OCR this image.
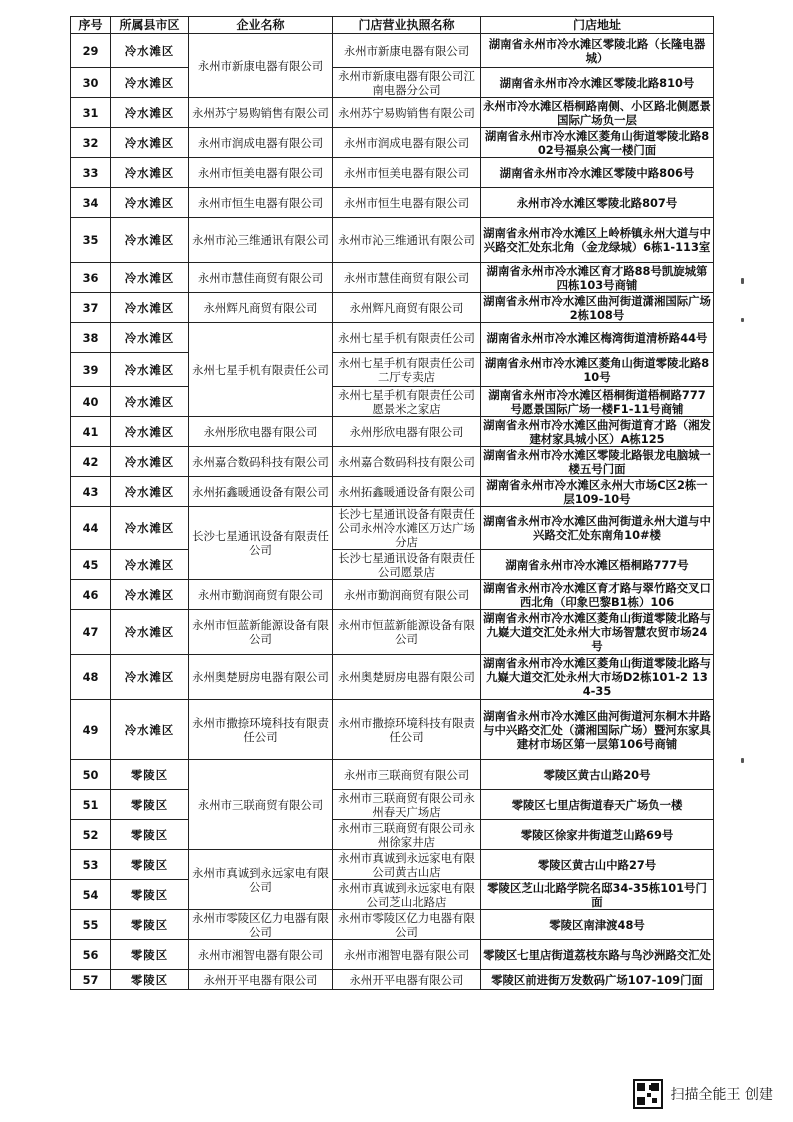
序号	所属县市区	企业名称	门店营业执照名称	门店地址
29	冷水滩区	永州市新康电器有限公司	永州市新康电器有限公司	湖南省永州市冷水滩区零陵北路（长隆电器城）
30	冷水滩区		永州市新康电器有限公司江南电器分公司	湖南省永州市冷水滩区零陵北路810号
31	冷水滩区	永州苏宁易购销售有限公司	永州苏宁易购销售有限公司	永州市冷水滩区梧桐路南侧、小区路北侧愿景国际广场负一层
32	冷水滩区	永州市润成电器有限公司	永州市润成电器有限公司	湖南省永州市冷水滩区菱角山街道零陵北路802号福泉公寓一楼门面
33	冷水滩区	永州市恒美电器有限公司	永州市恒美电器有限公司	湖南省永州市冷水滩区零陵中路806号
34	冷水滩区	永州市恒生电器有限公司	永州市恒生电器有限公司	永州市冷水滩区零陵北路807号
35	冷水滩区	永州市沁三维通讯有限公司	永州市沁三维通讯有限公司	湖南省永州市冷水滩区上岭桥镇永州大道与中兴路交汇处东北角（金龙绿城）6栋1-113室
36	冷水滩区	永州市慧佳商贸有限公司	永州市慧佳商贸有限公司	湖南省永州市冷水滩区育才路88号凯旋城第四栋103号商铺
37	冷水滩区	永州辉凡商贸有限公司	永州辉凡商贸有限公司	湖南省永州市冷水滩区曲河街道潇湘国际广场2栋108号
38	冷水滩区	永州七星手机有限责任公司	永州七星手机有限责任公司	湖南省永州市冷水滩区梅湾街道清桥路44号
39	冷水滩区		永州七星手机有限责任公司二厅专卖店	湖南省永州市冷水滩区菱角山街道零陵北路810号
40	冷水滩区		永州七星手机有限责任公司愿景米之家店	湖南省永州市冷水滩区梧桐街道梧桐路777号愿景国际广场一楼F1-11号商铺
41	冷水滩区	永州彤欣电器有限公司	永州彤欣电器有限公司	湖南省永州市冷水滩区曲河街道育才路（湘发建材家具城小区）A栋125
42	冷水滩区	永州嘉合数码科技有限公司	永州嘉合数码科技有限公司	湖南省永州市冷水滩区零陵北路银龙电脑城一楼五号门面
43	冷水滩区	永州拓鑫暖通设备有限公司	永州拓鑫暖通设备有限公司	湖南省永州市冷水滩区永州大市场C区2栋一层109-10号
44	冷水滩区	长沙七星通讯设备有限责任公司	长沙七星通讯设备有限责任公司永州冷水滩区万达广场分店	湖南省永州市冷水滩区曲河街道永州大道与中兴路交汇处东南角10#楼
45	冷水滩区		长沙七星通讯设备有限责任公司愿景店	湖南省永州市冷水滩区梧桐路777号
46	冷水滩区	永州市勤润商贸有限公司	永州市勤润商贸有限公司	湖南省永州市冷水滩区育才路与翠竹路交叉口西北角（印象巴黎B1栋）106
47	冷水滩区	永州市恒蓝新能源设备有限公司	永州市恒蓝新能源设备有限公司	湖南省永州市冷水滩区菱角山街道零陵北路与九嶷大道交汇处永州大市场智慧农贸市场24号
48	冷水滩区	永州奥楚厨房电器有限公司	永州奥楚厨房电器有限公司	湖南省永州市冷水滩区菱角山街道零陵北路与九嶷大道交汇处永州大市场D2栋101-2 134-35
49	冷水滩区	永州市撒捺环境科技有限责任公司	永州市撒捺环境科技有限责任公司	湖南省永州市冷水滩区曲河街道河东桐木井路与中兴路交汇处（潇湘国际广场）暨河东家具建材市场区第一层第106号商铺
50	零陵区	永州市三联商贸有限公司	永州市三联商贸有限公司	零陵区黄古山路20号
51	零陵区		永州市三联商贸有限公司永州春天广场店	零陵区七里店街道春天广场负一楼
52	零陵区		永州市三联商贸有限公司永州徐家井店	零陵区徐家井街道芝山路69号
53	零陵区	永州市真诚到永远家电有限公司	永州市真诚到永远家电有限公司黄古山店	零陵区黄古山中路27号
54	零陵区		永州市真诚到永远家电有限公司芝山北路店	零陵区芝山北路学院名邸34-35栋101号门面
55	零陵区	永州市零陵区亿力电器有限公司	永州市零陵区亿力电器有限公司	零陵区南津渡48号
56	零陵区	永州市湘智电器有限公司	永州市湘智电器有限公司	零陵区七里店街道荔枝东路与鸟沙洲路交汇处
57	零陵区	永州开平电器有限公司	永州开平电器有限公司	零陵区前进街万发数码广场107-109门面
扫描全能王 创建
